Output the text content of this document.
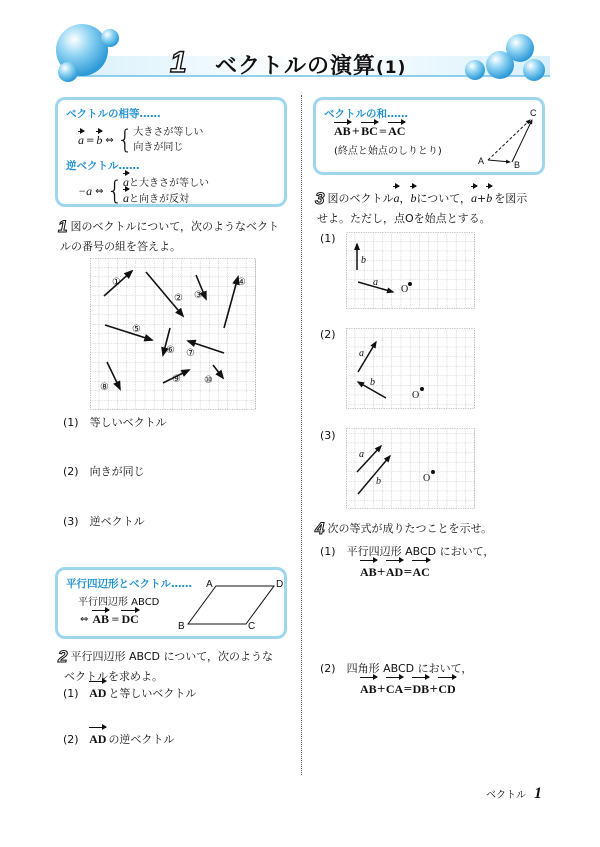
1 ベクトルの演算(1)
ベクトルの相等……
a = b ⇔ { 大きさが等しい
向きが同じ
逆ベクトル……
−a ⇔ { aと大きさが等しい
aと向きが反対
1 図のベクトルについて，次のようなベクト
ルの番号の組を答えよ。
①
② ③
④
⑤
⑥ ⑦
⑧
⑨ ⑩
(1)　等しいベクトル
(2)　向きが同じ
(3)　逆ベクトル
平行四辺形とベクトル……
平行四辺形 ABCD
⇔ AB = DC
A	D
B	C
2 平行四辺形 ABCD について，次のような
ベクトルを求めよ。
(1) AD と等しいベクトル
(2) AD の逆ベクトル
ベクトルの和……
AB + BC = AC
(終点と始点のしりとり)
A	B
C
3 図のベクトルa，bについて，a+b を図示
せよ。ただし，点Oを始点とする。
(1)
(2)
(3)
b
a
O
a
b
O
a
b	O
4 次の等式が成りたつことを示せ。
(1)　平行四辺形 ABCD において，
AB + AD = AC
(2)　四角形 ABCD において，
AB + CA = DB + CD
ベクトル 1
